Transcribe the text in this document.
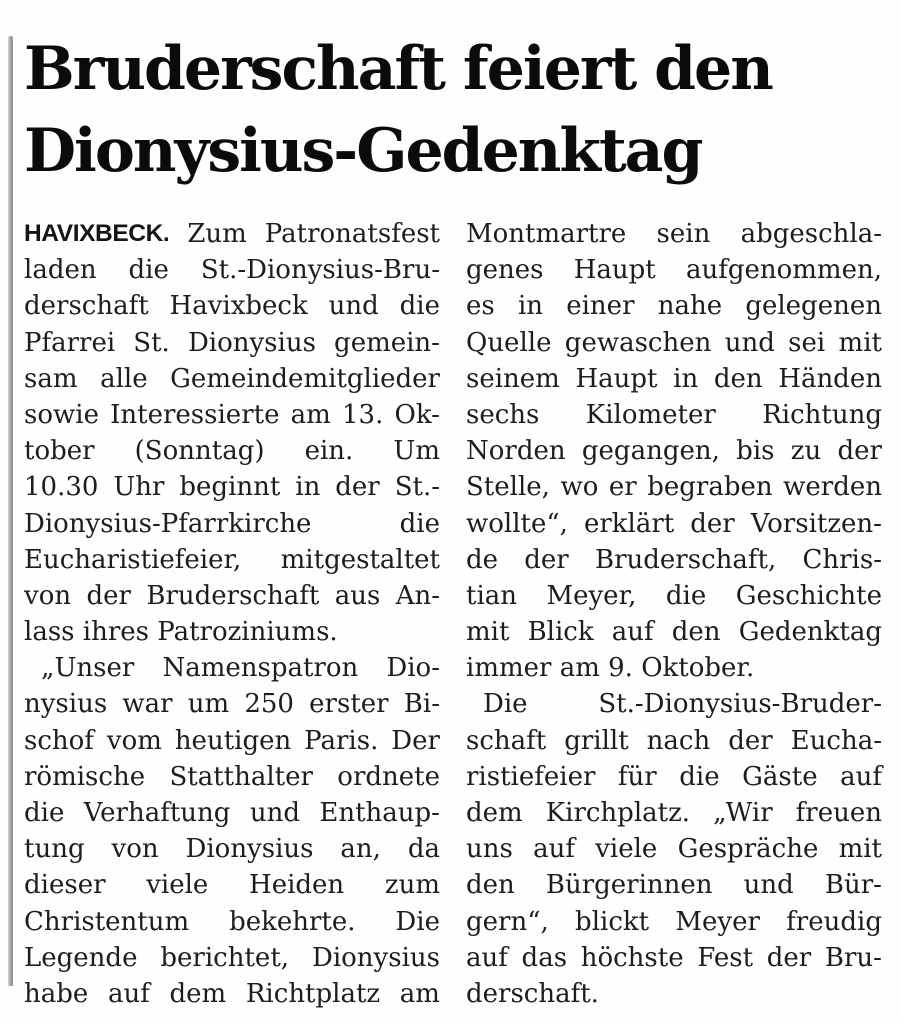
Bruderschaft feiert den
Dionysius-Gedenktag
HAVIXBECK. Zum Patronatsfest
laden die St.-Dionysius-Bru-
derschaft Havixbeck und die
Pfarrei St. Dionysius gemein-
sam alle Gemeindemitglieder
sowie Interessierte am 13. Ok-
tober (Sonntag) ein. Um
10.30 Uhr beginnt in der St.-
Dionysius-Pfarrkirche	die
Eucharistiefeier, mitgestaltet
von der Bruderschaft aus An-
lass ihres Patroziniums.
„Unser Namenspatron Dio-
nysius war um 250 erster Bi-
schof vom heutigen Paris. Der
römische Statthalter ordnete
die Verhaftung und Enthaup-
tung von Dionysius an, da
dieser viele Heiden zum
Christentum bekehrte. Die
Legende berichtet, Dionysius
habe auf dem Richtplatz am
Montmartre sein abgeschla-
genes Haupt aufgenommen,
es in einer nahe gelegenen
Quelle gewaschen und sei mit
seinem Haupt in den Händen
sechs Kilometer Richtung
Norden gegangen, bis zu der
Stelle, wo er begraben werden
wollte“, erklärt der Vorsitzen-
de der Bruderschaft, Chris-
tian Meyer, die Geschichte
mit Blick auf den Gedenktag
immer am 9. Oktober.
Die	St.-Dionysius-Bruder-
schaft grillt nach der Eucha-
ristiefeier für die Gäste auf
dem Kirchplatz. „Wir freuen
uns auf viele Gespräche mit
den Bürgerinnen und Bür-
gern“, blickt Meyer freudig
auf das höchste Fest der Bru-
derschaft.
